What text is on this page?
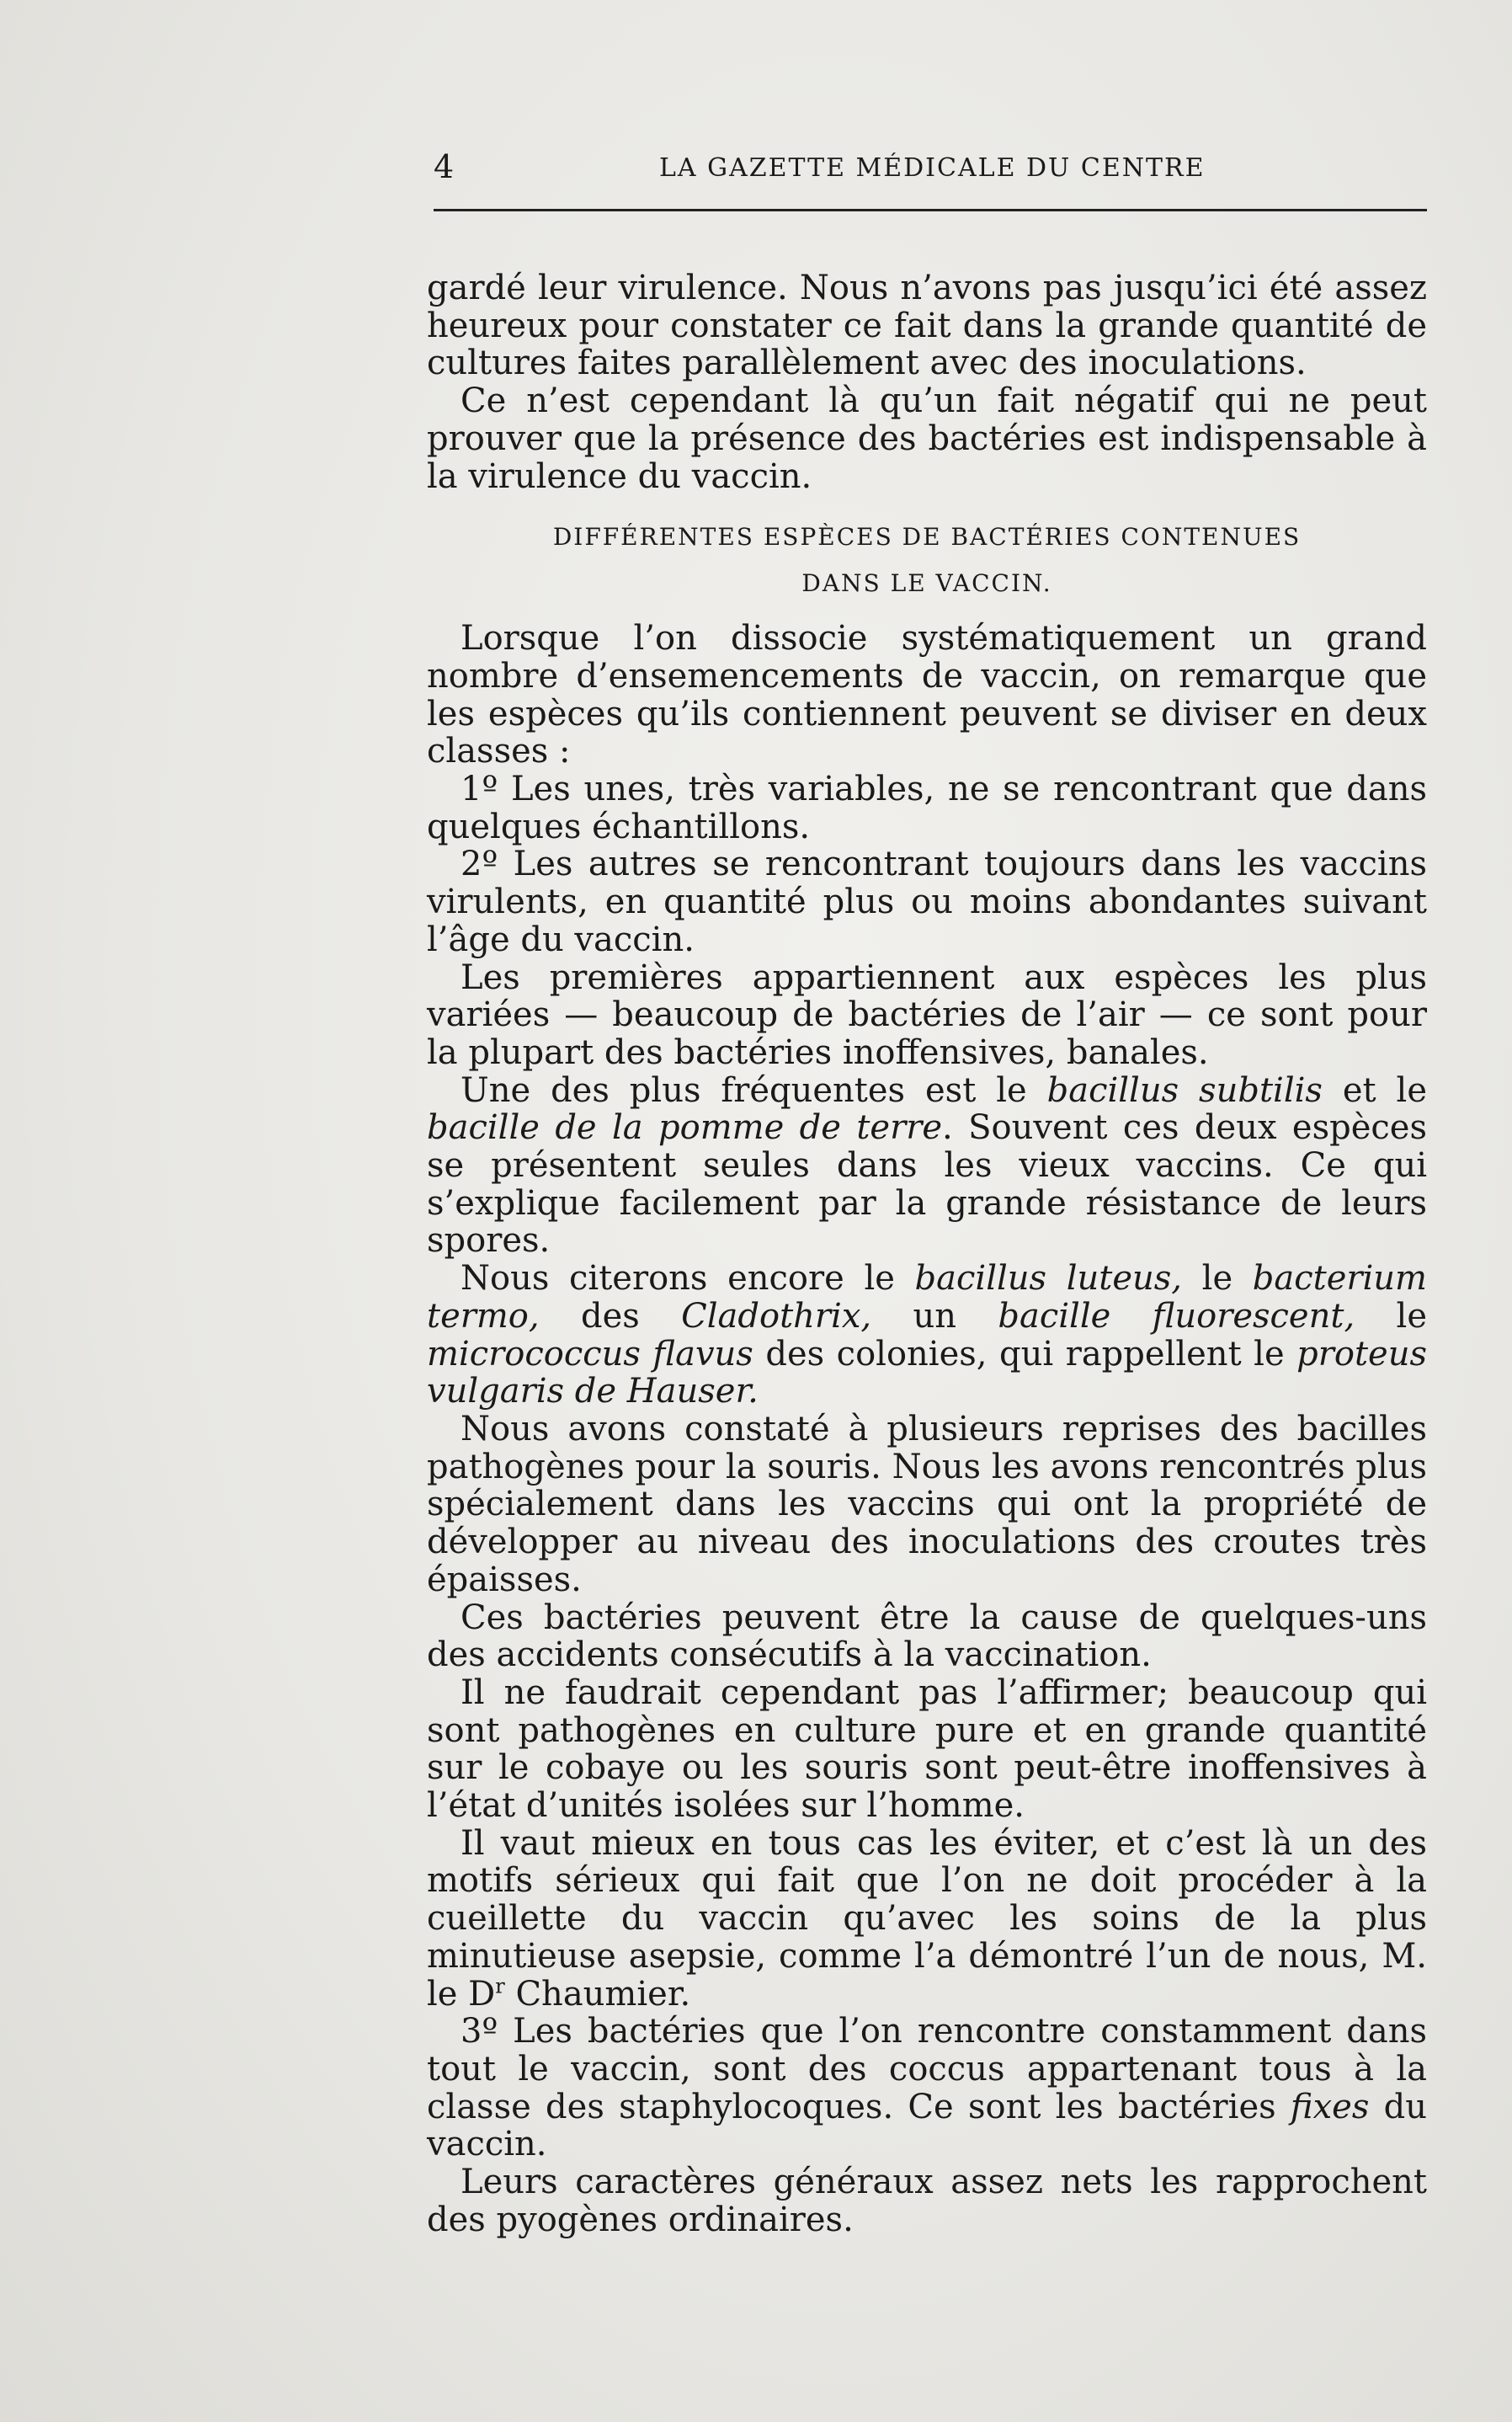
4	LA GAZETTE MÉDICALE DU CENTRE

gardé leur virulence. Nous n’avons pas jusqu’ici été assez heureux pour constater ce fait dans la grande quantité de cultures faites parallèlement avec des inoculations.

Ce n’est cependant là qu’un fait négatif qui ne peut prouver que la présence des bactéries est indispensable à la virulence du vaccin.

DIFFÉRENTES ESPÈCES DE BACTÉRIES CONTENUES
DANS LE VACCIN.

Lorsque l’on dissocie systématiquement un grand nombre d’ensemencements de vaccin, on remarque que les espèces qu’ils contiennent peuvent se diviser en deux classes :

1º Les unes, très variables, ne se rencontrant que dans quelques échantillons.

2º Les autres se rencontrant toujours dans les vaccins virulents, en quantité plus ou moins abondantes suivant l’âge du vaccin.

Les premières appartiennent aux espèces les plus variées — beaucoup de bactéries de l’air — ce sont pour la plupart des bactéries inoffensives, banales.

Une des plus fréquentes est le bacillus subtilis et le bacille de la pomme de terre. Souvent ces deux espèces se présentent seules dans les vieux vaccins. Ce qui s’explique facilement par la grande résistance de leurs spores.

Nous citerons encore le bacillus luteus, le bacterium termo, des Cladothrix, un bacille fluorescent, le micrococcus flavus des colonies, qui rappellent le proteus vulgaris de Hauser.

Nous avons constaté à plusieurs reprises des bacilles pathogènes pour la souris. Nous les avons rencontrés plus spécialement dans les vaccins qui ont la propriété de développer au niveau des inoculations des croutes très épaisses.

Ces bactéries peuvent être la cause de quelques-uns des accidents consécutifs à la vaccination.

Il ne faudrait cependant pas l’affirmer; beaucoup qui sont pathogènes en culture pure et en grande quantité sur le cobaye ou les souris sont peut-être inoffensives à l’état d’unités isolées sur l’homme.

Il vaut mieux en tous cas les éviter, et c’est là un des motifs sérieux qui fait que l’on ne doit procéder à la cueillette du vaccin qu’avec les soins de la plus minutieuse asepsie, comme l’a démontré l’un de nous, M. le $D^r$ Chaumier.

3º Les bactéries que l’on rencontre constamment dans tout le vaccin, sont des coccus appartenant tous à la classe des staphylocoques. Ce sont les bactéries fixes du vaccin.

Leurs caractères généraux assez nets les rapprochent des pyogènes ordinaires.
